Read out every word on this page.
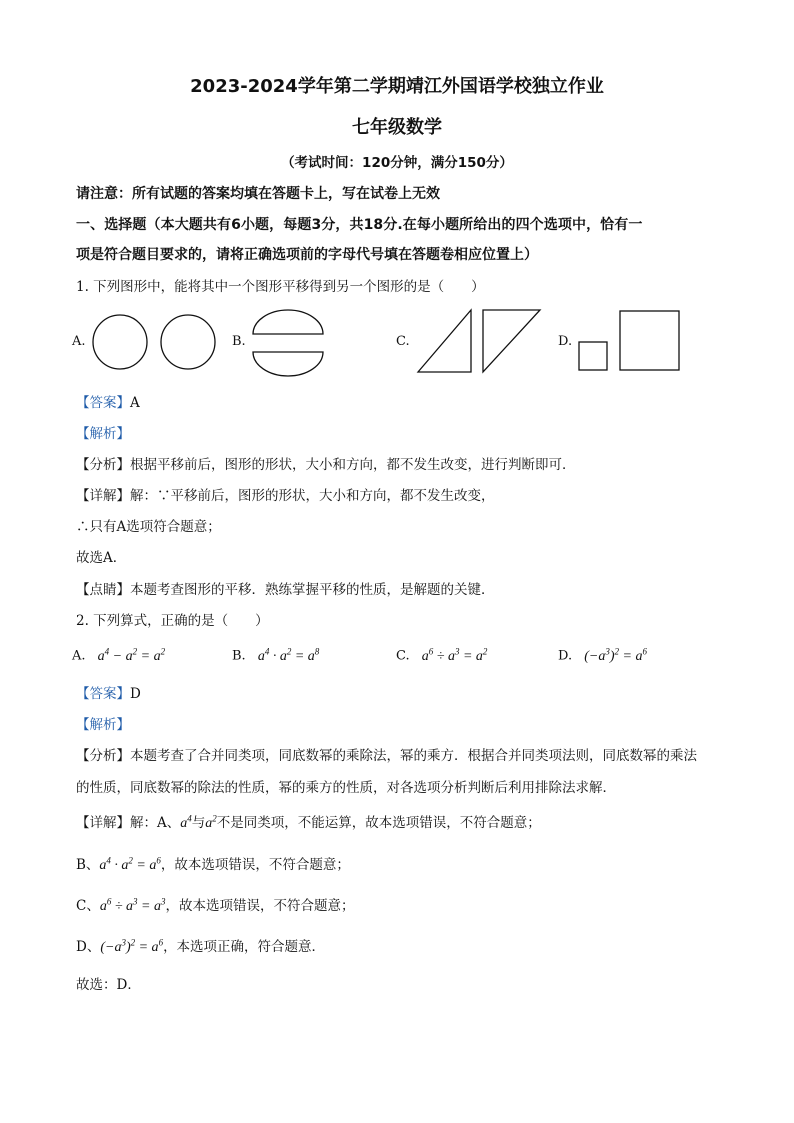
2023-2024学年第二学期靖江外国语学校独立作业
七年级数学
（考试时间：120分钟，满分150分）
请注意：所有试题的答案均填在答题卡上，写在试卷上无效
一、选择题（本大题共有6小题，每题3分，共18分.在每小题所给出的四个选项中，恰有一
项是符合题目要求的，请将正确选项前的字母代号填在答题卷相应位置上）
1. 下列图形中，能将其中一个图形平移得到另一个图形的是（　　）
A.	B.	C.	D.
【答案】A
【解析】
【分析】根据平移前后，图形的形状，大小和方向，都不发生改变，进行判断即可．
【详解】解：∵平移前后，图形的形状，大小和方向，都不发生改变，
∴只有A选项符合题意；
故选A．
【点睛】本题考查图形的平移．熟练掌握平移的性质，是解题的关键．
2. 下列算式，正确的是（　　）
A. $a^4 - a^2 = a^2$	B. $a^4 \cdot a^2 = a^8$	C. $a^6 \div a^3 = a^2$	D. $(-a^3)^2 = a^6$
【答案】D
【解析】
【分析】本题考查了合并同类项，同底数幂的乘除法，幂的乘方．根据合并同类项法则，同底数幂的乘法
的性质，同底数幂的除法的性质，幂的乘方的性质，对各选项分析判断后利用排除法求解．
【详解】解：A、$a^4$与$a^2$不是同类项，不能运算，故本选项错误，不符合题意；
B、$a^4 \cdot a^2 = a^6$，故本选项错误，不符合题意；
C、$a^6 \div a^3 = a^3$，故本选项错误，不符合题意；
D、$(-a^3)^2 = a^6$，本选项正确，符合题意．
故选：D．
